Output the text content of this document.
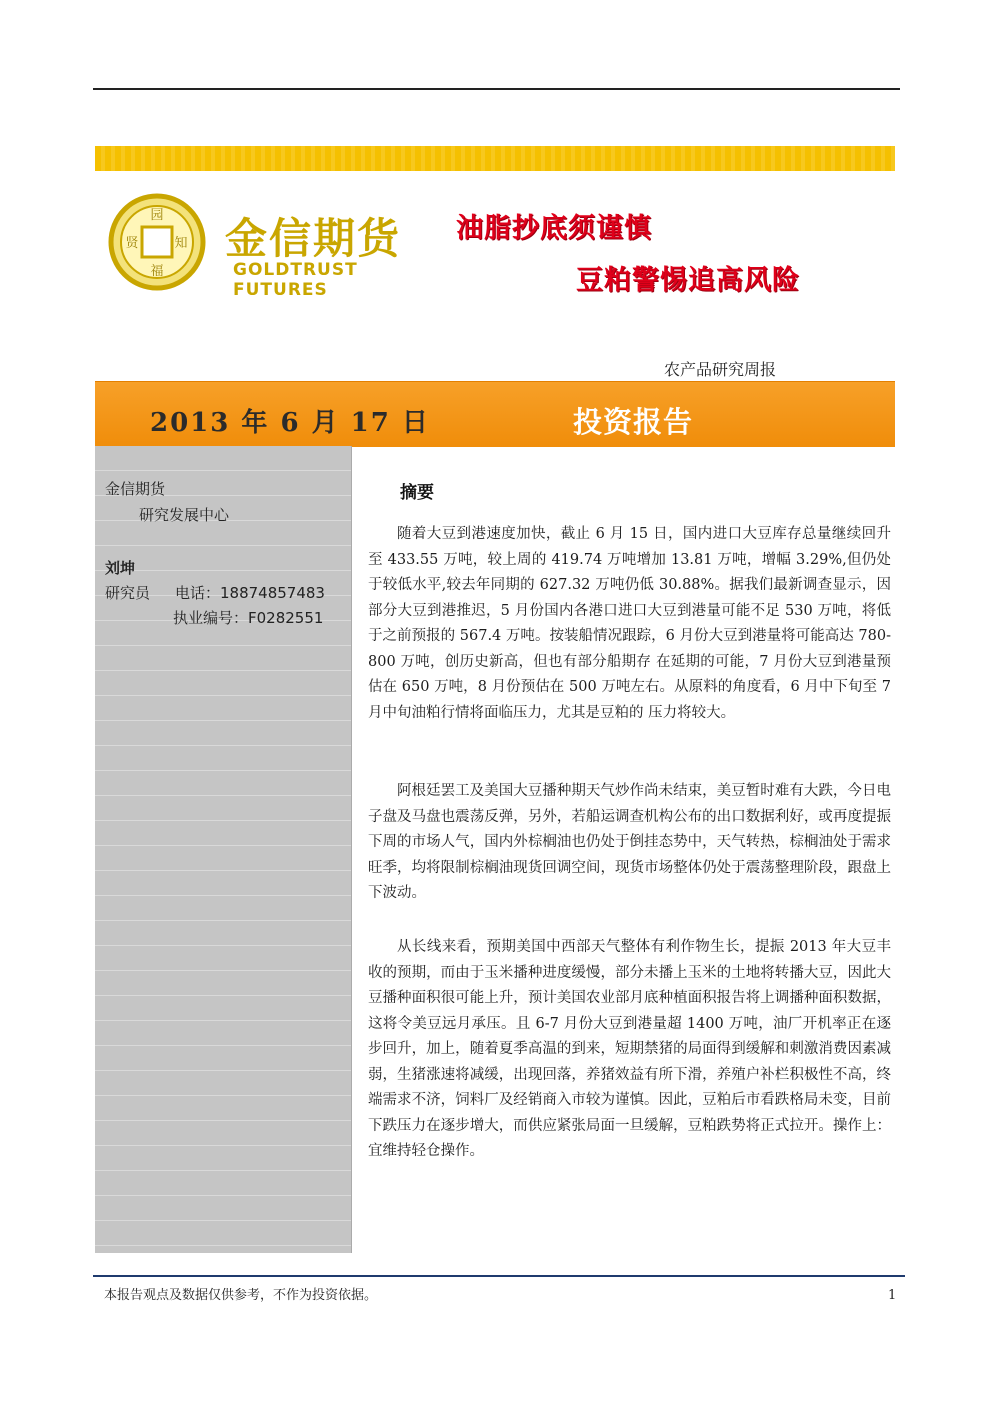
园
知
福
贤 金信期货
GOLDTRUST FUTURES
油脂抄底须谨慎
豆粕警惕追高风险
农产品研究周报
2013 年 6 月 17 日	投资报告
金信期货
研究发展中心
刘坤
研究员 电话：18874857483
执业编号：F0282551
摘要

随着大豆到港速度加快，截止 6 月 15 日，国内进口大豆库存总量继续回升至 433.55 万吨，较上周的 419.74 万吨增加 13.81 万吨，增幅 3.29%,但仍处于较低水平,较去年同期的 627.32 万吨仍低 30.88%。据我们最新调查显示，因部分大豆到港推迟，5 月份国内各港口进口大豆到港量可能不足 530 万吨，将低于之前预报的 567.4 万吨。按装船情况跟踪，6 月份大豆到港量将可能高达 780-800 万吨，创历史新高，但也有部分船期存 在延期的可能，7 月份大豆到港量预估在 650 万吨，8 月份预估在 500 万吨左右。从原料的角度看，6 月中下旬至 7 月中旬油粕行情将面临压力，尤其是豆粕的 压力将较大。

阿根廷罢工及美国大豆播种期天气炒作尚未结束，美豆暂时难有大跌，今日电子盘及马盘也震荡反弹，另外，若船运调查机构公布的出口数据利好，或再度提振下周的市场人气，国内外棕榈油也仍处于倒挂态势中，天气转热，棕榈油处于需求旺季，均将限制棕榈油现货回调空间，现货市场整体仍处于震荡整理阶段，跟盘上下波动。

从长线来看，预期美国中西部天气整体有利作物生长，提振 2013 年大豆丰收的预期，而由于玉米播种进度缓慢，部分未播上玉米的土地将转播大豆，因此大豆播种面积很可能上升，预计美国农业部月底种植面积报告将上调播种面积数据，这将令美豆远月承压。且 6-7 月份大豆到港量超 1400 万吨，油厂开机率正在逐步回升，加上，随着夏季高温的到来，短期禁猪的局面得到缓解和刺激消费因素减弱，生猪涨速将减缓，出现回落，养猪效益有所下滑，养殖户补栏积极性不高，终端需求不济，饲料厂及经销商入市较为谨慎。因此，豆粕后市看跌格局未变，目前下跌压力在逐步增大，而供应紧张局面一旦缓解，豆粕跌势将正式拉开。操作上：宜维持轻仓操作。

本报告观点及数据仅供参考，不作为投资依据。	1
